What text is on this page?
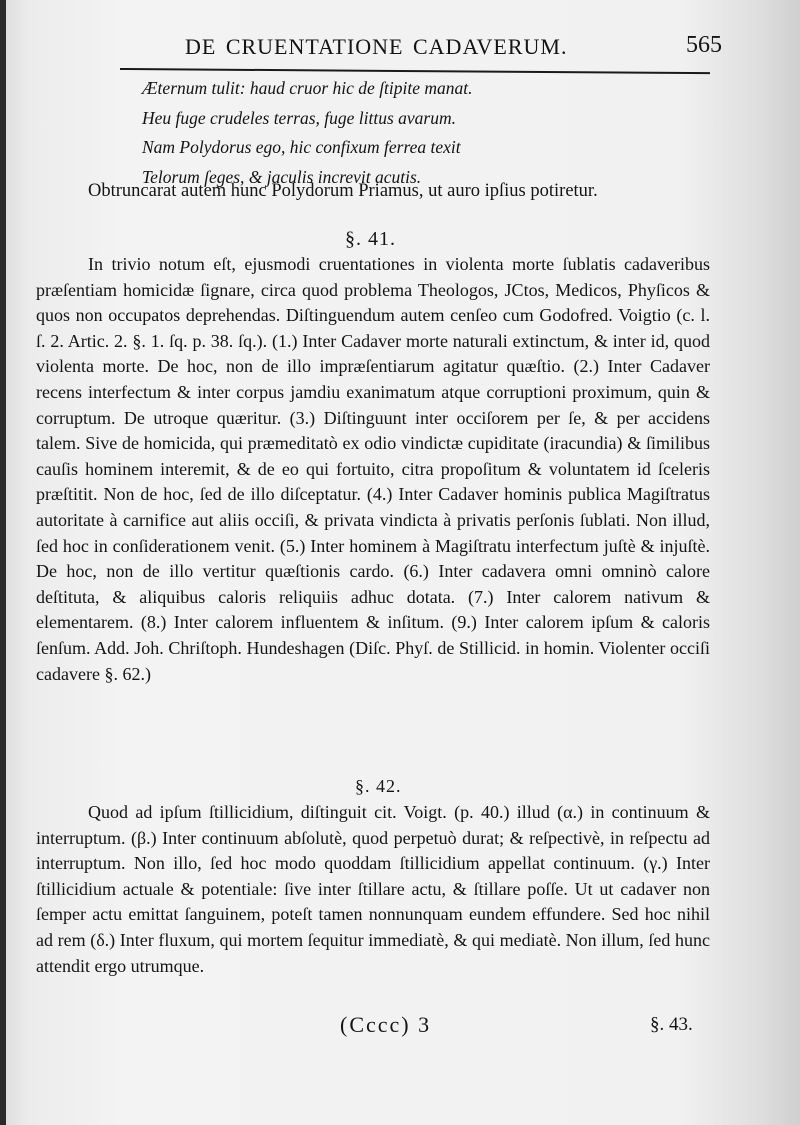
DE CRUENTATIONE CADAVERUM.	565
Æternum tulit: haud cruor hic de ſtipite manat.
Heu fuge crudeles terras, fuge littus avarum.
Nam Polydorus ego, hic confixum ferrea texit
Telorum ſeges, & jaculis increvit acutis.

Obtruncarat autem hunc Polydorum Priamus, ut auro ipſius potiretur.

§. 41.

In trivio notum eſt, ejusmodi cruentationes in violenta morte ſublatis cadaveribus præſentiam homicidæ ſignare, circa quod problema Theologos, JCtos, Medicos, Phyſicos & quos non occupatos deprehendas. Diſtinguendum autem cenſeo cum Godofred. Voigtio (c. l. ſ. 2. Artic. 2. §. 1. ſq. p. 38. ſq.). (1.) Inter Cadaver morte naturali extinctum, & inter id, quod violenta morte. De hoc, non de illo impræſentiarum agitatur quæſtio. (2.) Inter Cadaver recens interfectum & inter corpus jamdiu exanimatum atque corruptioni proximum, quin & corruptum. De utroque quæritur. (3.) Diſtinguunt inter occiſorem per ſe, & per accidens talem. Sive de homicida, qui præmeditatò ex odio vindictæ cupiditate (iracundia) & ſimilibus cauſis hominem interemit, & de eo qui fortuito, citra propoſitum & voluntatem id ſceleris præſtitit. Non de hoc, ſed de illo diſceptatur. (4.) Inter Cadaver hominis publica Magiſtratus autoritate à carnifice aut aliis occiſi, & privata vindicta à privatis perſonis ſublati. Non illud, ſed hoc in conſiderationem venit. (5.) Inter hominem à Magiſtratu interfectum juſtè & injuſtè. De hoc, non de illo vertitur quæſtionis cardo. (6.) Inter cadavera omni omninò calore deſtituta, & aliquibus caloris reliquiis adhuc dotata. (7.) Inter calorem nativum & elementarem. (8.) Inter calorem influentem & inſitum. (9.) Inter calorem ipſum & caloris ſenſum. Add. Joh. Chriſtoph. Hundeshagen (Diſc. Phyſ. de Stillicid. in homin. Violenter occiſi cadavere §. 62.)

§. 42.

Quod ad ipſum ſtillicidium, diſtinguit cit. Voigt. (p. 40.) illud (α.) in continuum & interruptum. (β.) Inter continuum abſolutè, quod perpetuò durat; & reſpectivè, in reſpectu ad interruptum. Non illo, ſed hoc modo quoddam ſtillicidium appellat continuum. (γ.) Inter ſtillicidium actuale & potentiale: ſive inter ſtillare actu, & ſtillare poſſe. Ut ut cadaver non ſemper actu emittat ſanguinem, poteſt tamen nonnunquam eundem effundere. Sed hoc nihil ad rem (δ.) Inter fluxum, qui mortem ſequitur immediatè, & qui mediatè. Non illum, ſed hunc attendit ergo utrumque.

(Cccc) 3	§. 43.
